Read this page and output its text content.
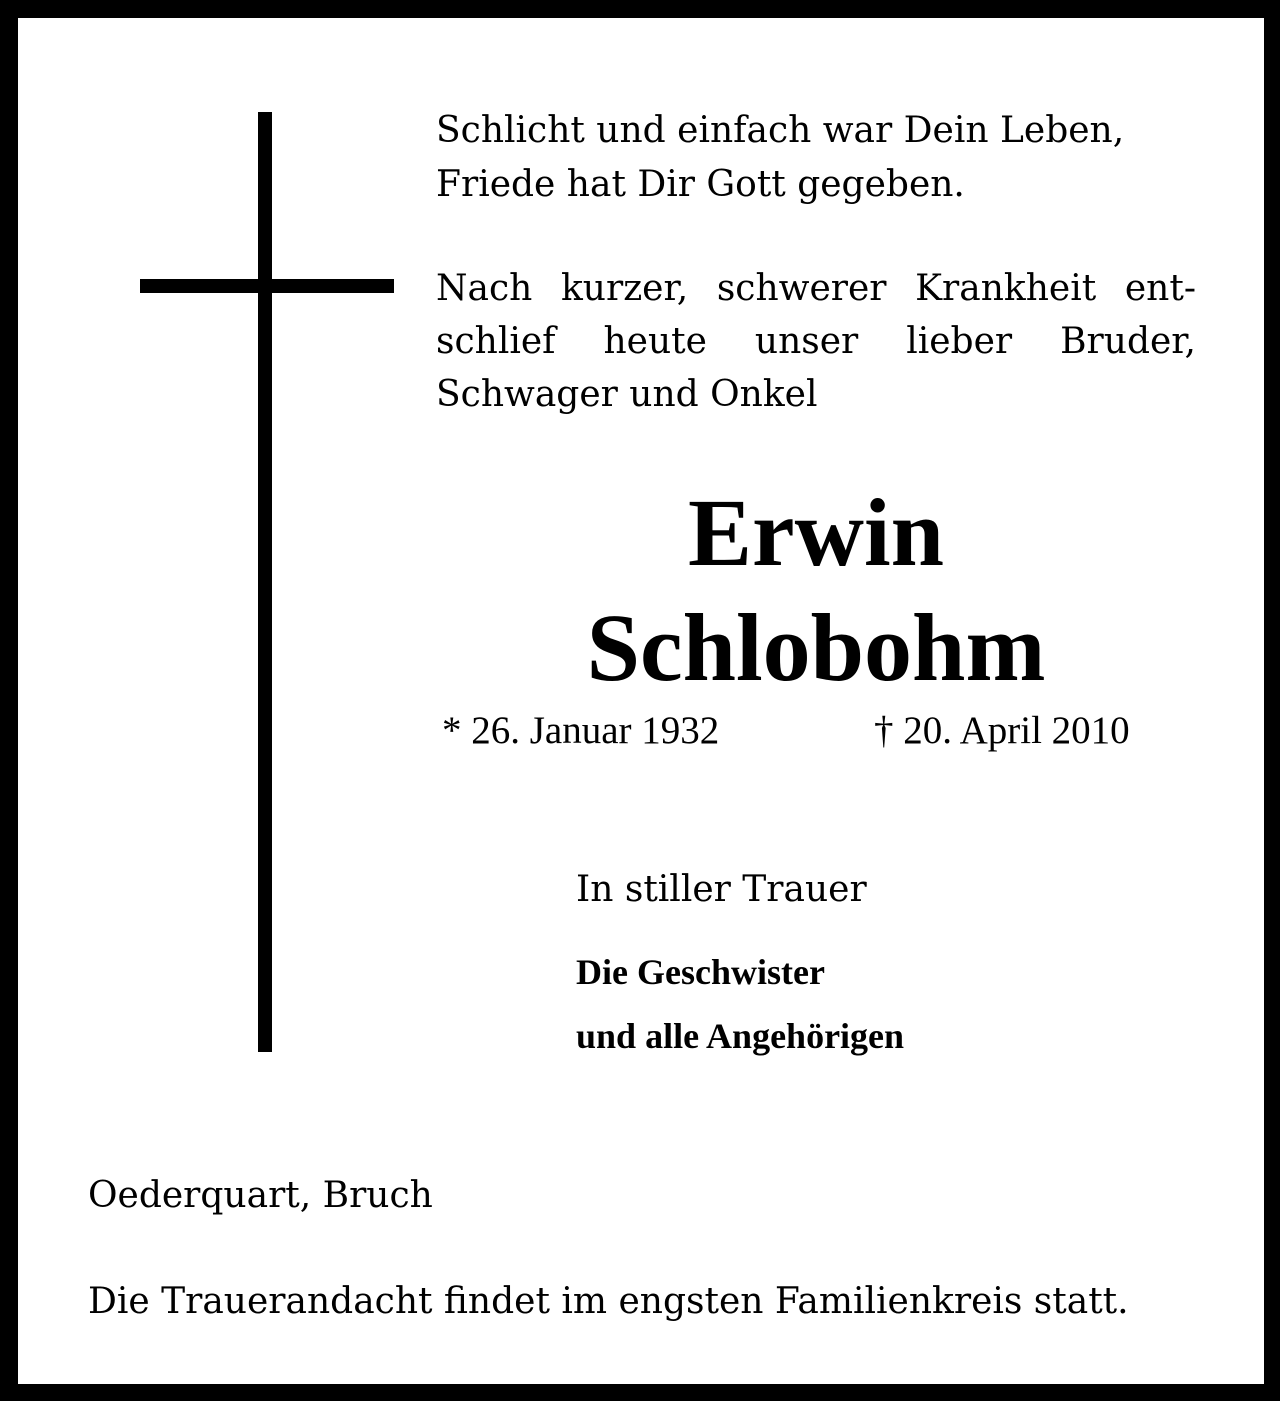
Schlicht und einfach war Dein Leben,
Friede hat Dir Gott gegeben.
Nach kurzer, schwerer Krankheit ent-
schlief heute unser lieber Bruder,
Schwager und Onkel
Erwin
Schlobohm
* 26. Januar 1932	† 20. April 2010
In stiller Trauer
Die Geschwister
und alle Angehörigen
Oederquart, Bruch
Die Trauerandacht findet im engsten Familienkreis statt.
